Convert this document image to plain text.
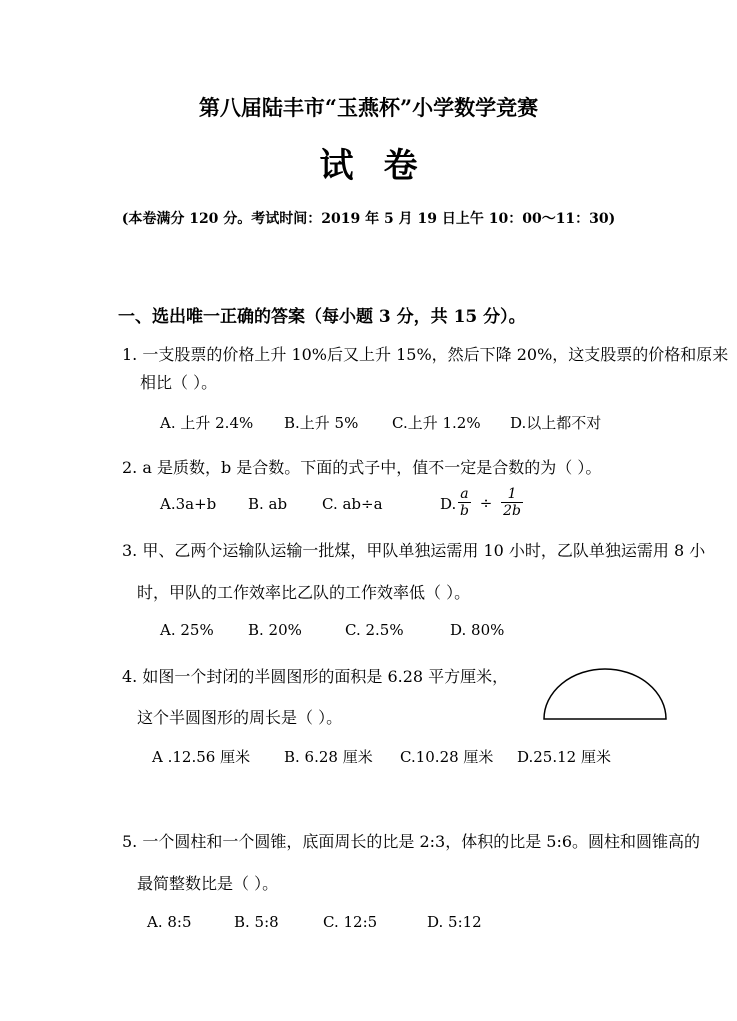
第八届陆丰市“玉燕杯”小学数学竞赛
试卷
(本卷满分 120 分。考试时间：2019 年 5 月 19 日上午 10：00～11：30)
一、选出唯一正确的答案（每小题 3 分，共 15 分）。
1. 一支股票的价格上升 10%后又上升 15%，然后下降 20%，这支股票的价格和原来
相比（ ）。
A. 上升 2.4% B.上升 5% C.上升 1.2% D.以上都不对
2. a 是质数，b 是合数。下面的式子中，值不一定是合数的为（ ）。
A.3a+b B. ab C. ab÷a	D. $\frac{a}{b} \div \frac{1}{2b}$
3. 甲、乙两个运输队运输一批煤，甲队单独运需用 10 小时，乙队单独运需用 8 小
时，甲队的工作效率比乙队的工作效率低（ ）。
A. 25% B. 20%	C. 2.5%	D. 80%
4. 如图一个封闭的半圆图形的面积是 6.28 平方厘米，
这个半圆图形的周长是（ ）。
A .12.56 厘米 B. 6.28 厘米 C.10.28 厘米 D.25.12 厘米
5. 一个圆柱和一个圆锥，底面周长的比是 2:3，体积的比是 5:6。圆柱和圆锥高的
最简整数比是（ ）。
A. 8:5	B. 5:8	C. 12:5	D. 5:12
